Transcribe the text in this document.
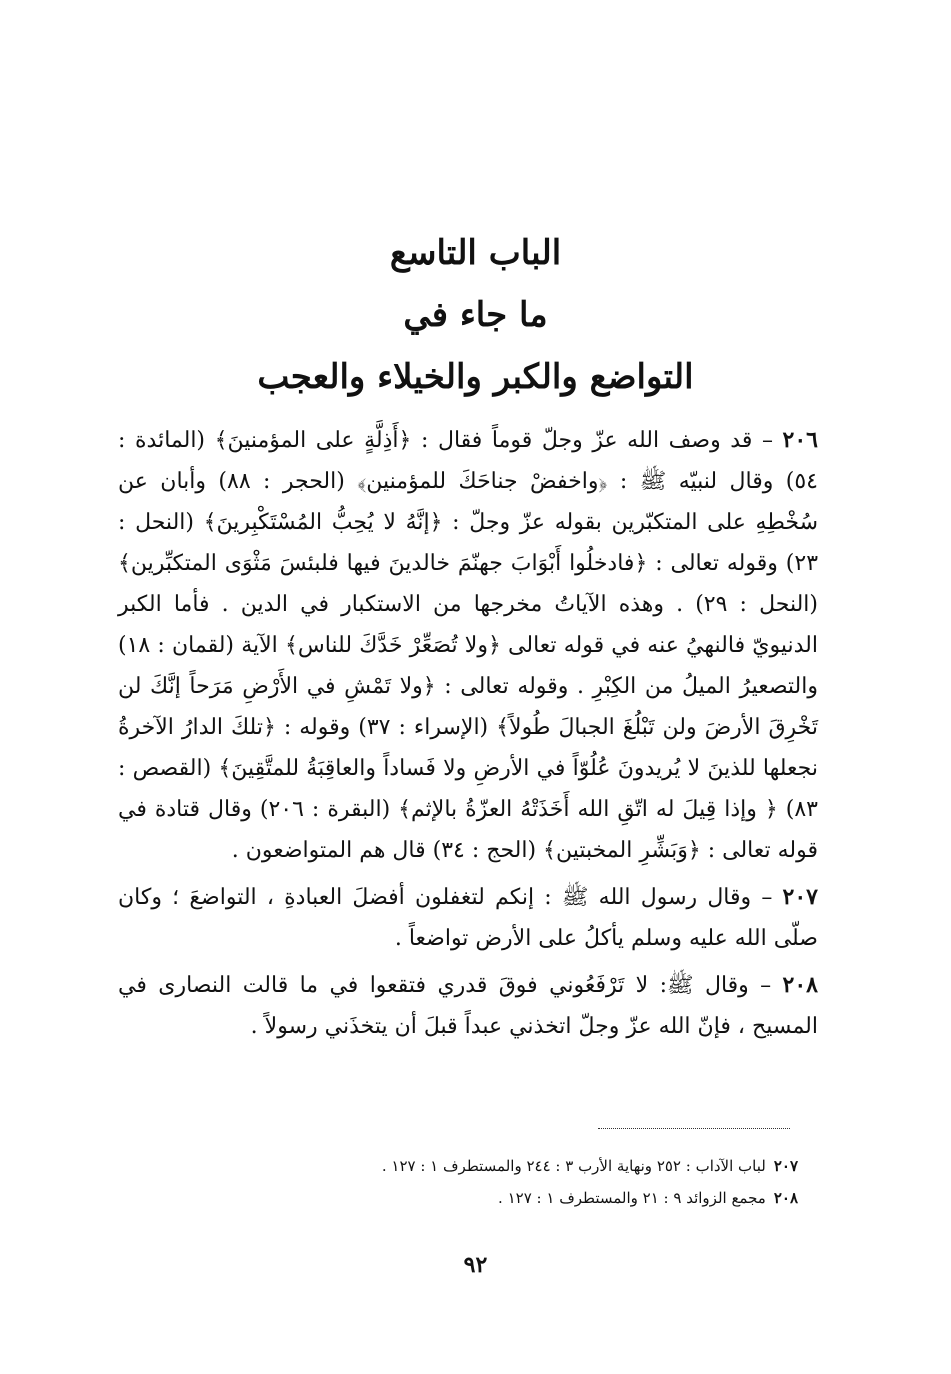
الباب التاسع
ما جاء في
التواضع والكبر والخيلاء والعجب

٢٠٦ – قد وصف الله عزّ وجلّ قوماً فقال : ﴿أَذِلَّةٍ على المؤمنينَ﴾ (المائدة : ٥٤) وقال لنبيّه ﷺ : ﴿واخفضْ جناحَكَ للمؤمنين﴾ (الحجر : ٨٨) وأبان عن سُخْطِهِ على المتكبّرين بقوله عزّ وجلّ : ﴿إنَّهُ لا يُحِبُّ المُسْتَكْبِرينَ﴾ (النحل : ٢٣) وقوله تعالى : ﴿فادخلُوا أَبْوَابَ جهنّمَ خالدينَ فيها فلبئسَ مَثْوَى المتكبِّرين﴾ (النحل : ٢٩) . وهذه الآياتُ مخرجها من الاستكبار في الدين . فأما الكبر الدنيويّ فالنهيُ عنه في قوله تعالى ﴿ولا تُصَعِّرْ خَدَّكَ للناس﴾ الآية (لقمان : ١٨) والتصعيرُ الميلُ من الكِبْرِ . وقوله تعالى : ﴿ولا تَمْشِ في الأَرْضِ مَرَحاً إنَّكَ لن تَخْرِقَ الأرضَ ولن تَبْلُغَ الجبالَ طُولاً﴾ (الإسراء : ٣٧) وقوله : ﴿تلكَ الدارُ الآخرةُ نجعلها للذينَ لا يُريدونَ عُلُوّاً في الأرضِ ولا فَساداً والعاقِبَةُ للمتَّقِينَ﴾ (القصص : ٨٣) ﴿ وإذا قِيلَ له اتّقِ الله أَخَذَتْهُ العزّةُ بالإثم﴾ (البقرة : ٢٠٦) وقال قتادة في قوله تعالى : ﴿وَبَشِّرِ المخبتين﴾ (الحج : ٣٤) قال هم المتواضعون .

٢٠٧ – وقال رسول الله ﷺ : إنكم لتغفلون أفضلَ العبادةِ ، التواضعَ ؛ وكان صلّى الله عليه وسلم يأكلُ على الأرض تواضعاً .

٢٠٨ – وقال ﷺ: لا تَرْفَعُوني فوقَ قدري فتقعوا في ما قالت النصارى في المسيح ، فإنّ الله عزّ وجلّ اتخذني عبداً قبلَ أن يتخذَني رسولاً .

٢٠٧لباب الآداب : ٢٥٢ ونهاية الأرب ٣ : ٢٤٤ والمستطرف ١ : ١٢٧ .
٢٠٨مجمع الزوائد ٩ : ٢١ والمستطرف ١ : ١٢٧ .
٩٢
